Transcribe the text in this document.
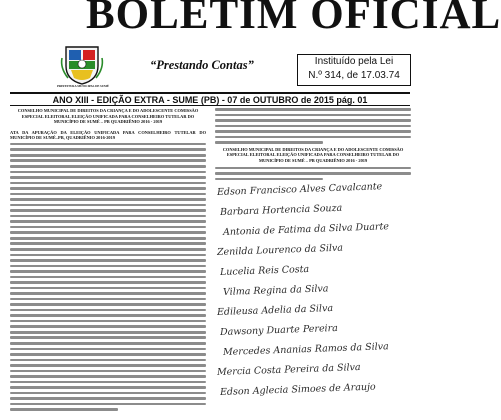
BOLETIM OFICIAL
PREFEITURA MUNICIPAL DE SUMÉ
“Prestando Contas”	Instituído pela Lei
N.º 314, de 17.03.74
ANO XIII - EDIÇÃO EXTRA - SUME (PB) - 07 de OUTUBRO de 2015 pág. 01
CONSELHO MUNICIPAL DE DIREITOS DA CRIANÇA E DO ADOLESCENTE COMISSÃO ESPECIAL ELEITORAL ELEIÇÃO UNIFICADA PARA CONSELHEIRO TUTELAR DO MUNICÍPIO DE SUMÉ – PB QUADRIÊNIO 2016 - 2019

ATA DA APURAÇÃO DA ELEIÇÃO UNIFICADA PARA CONSELHEIRO TUTELAR DO MUNICÍPIO DE SUMÉ–PB, QUADRIÊNIO 2016-2019

CONSELHO MUNICIPAL DE DIREITOS DA CRIANÇA E DO ADOLESCENTE COMISSÃO ESPECIAL ELEITORAL ELEIÇÃO UNIFICADA PARA CONSELHEIRO TUTELAR DO MUNICÍPIO DE SUMÉ – PB QUADRIÊNIO 2016 - 2019
Edson Francisco Alves Cavalcante
Barbara Hortencia Souza
Antonia de Fatima da Silva Duarte
Zenilda Lourenco da Silva
Lucelia Reis Costa
Vilma Regina da Silva
Edileusa Adelia da Silva
Dawsony Duarte Pereira
Mercedes Ananias Ramos da Silva
Mercia Costa Pereira da Silva
Edson Aglecia Simoes de Araujo
